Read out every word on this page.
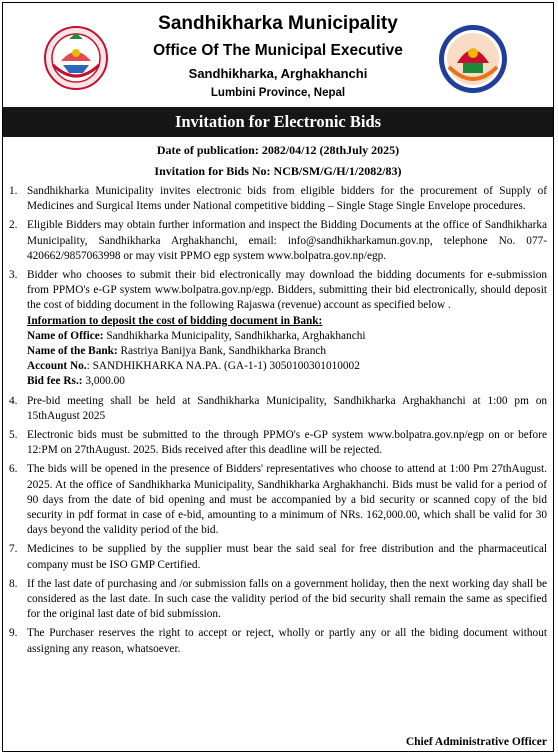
Sandhikharka Municipality
Office Of The Municipal Executive
Sandhikharka, Arghakhanchi
Lumbini Province, Nepal
Invitation for Electronic Bids
Date of publication: 2082/04/12 (28thJuly 2025)
Invitation for Bids No: NCB/SM/G/H/1/2082/83)
1. Sandhikharka Municipality invites electronic bids from eligible bidders for the procurement of Supply of Medicines and Surgical Items under National competitive bidding – Single Stage Single Envelope procedures.
2. Eligible Bidders may obtain further information and inspect the Bidding Documents at the office of Sandhikharka Municipality, Sandhikharka Arghakhanchi, email: info@sandhikharkamun.gov.np, telephone No. 077-420662/9857063998 or may visit PPMO egp system www.bolpatra.gov.np/egp.
3. Bidder who chooses to submit their bid electronically may download the bidding documents for e-submission from PPMO's e-GP system www.bolpatra.gov.np/egp. Bidders, submitting their bid electronically, should deposit the cost of bidding document in the following Rajaswa (revenue) account as specified below .
Information to deposit the cost of bidding document in Bank:
Name of Office: Sandhikharka Municipality, Sandhikharka, Arghakhanchi
Name of the Bank: Rastriya Banijya Bank, Sandhikharka Branch
Account No.: SANDHIKHARKA NA.PA. (GA-1-1) 3050100301010002
Bid fee Rs.: 3,000.00
4. Pre-bid meeting shall be held at Sandhikharka Municipality, Sandhikharka Arghakhanchi at 1:00 pm on 15thAugust 2025
5. Electronic bids must be submitted to the through PPMO's e-GP system www.bolpatra.gov.np/egp on or before 12:PM on 27thAugust. 2025. Bids received after this deadline will be rejected.
6. The bids will be opened in the presence of Bidders' representatives who choose to attend at 1:00 Pm 27thAugust. 2025. At the office of Sandhikharka Municipality, Sandhikharka Arghakhanchi. Bids must be valid for a period of 90 days from the date of bid opening and must be accompanied by a bid security or scanned copy of the bid security in pdf format in case of e-bid, amounting to a minimum of NRs. 162,000.00, which shall be valid for 30 days beyond the validity period of the bid.
7. Medicines to be supplied by the supplier must bear the said seal for free distribution and the pharmaceutical company must be ISO GMP Certified.
8. If the last date of purchasing and /or submission falls on a government holiday, then the next working day shall be considered as the last date. In such case the validity period of the bid security shall remain the same as specified for the original last date of bid submission.
9. The Purchaser reserves the right to accept or reject, wholly or partly any or all the biding document without assigning any reason, whatsoever.
Chief Administrative Officer
